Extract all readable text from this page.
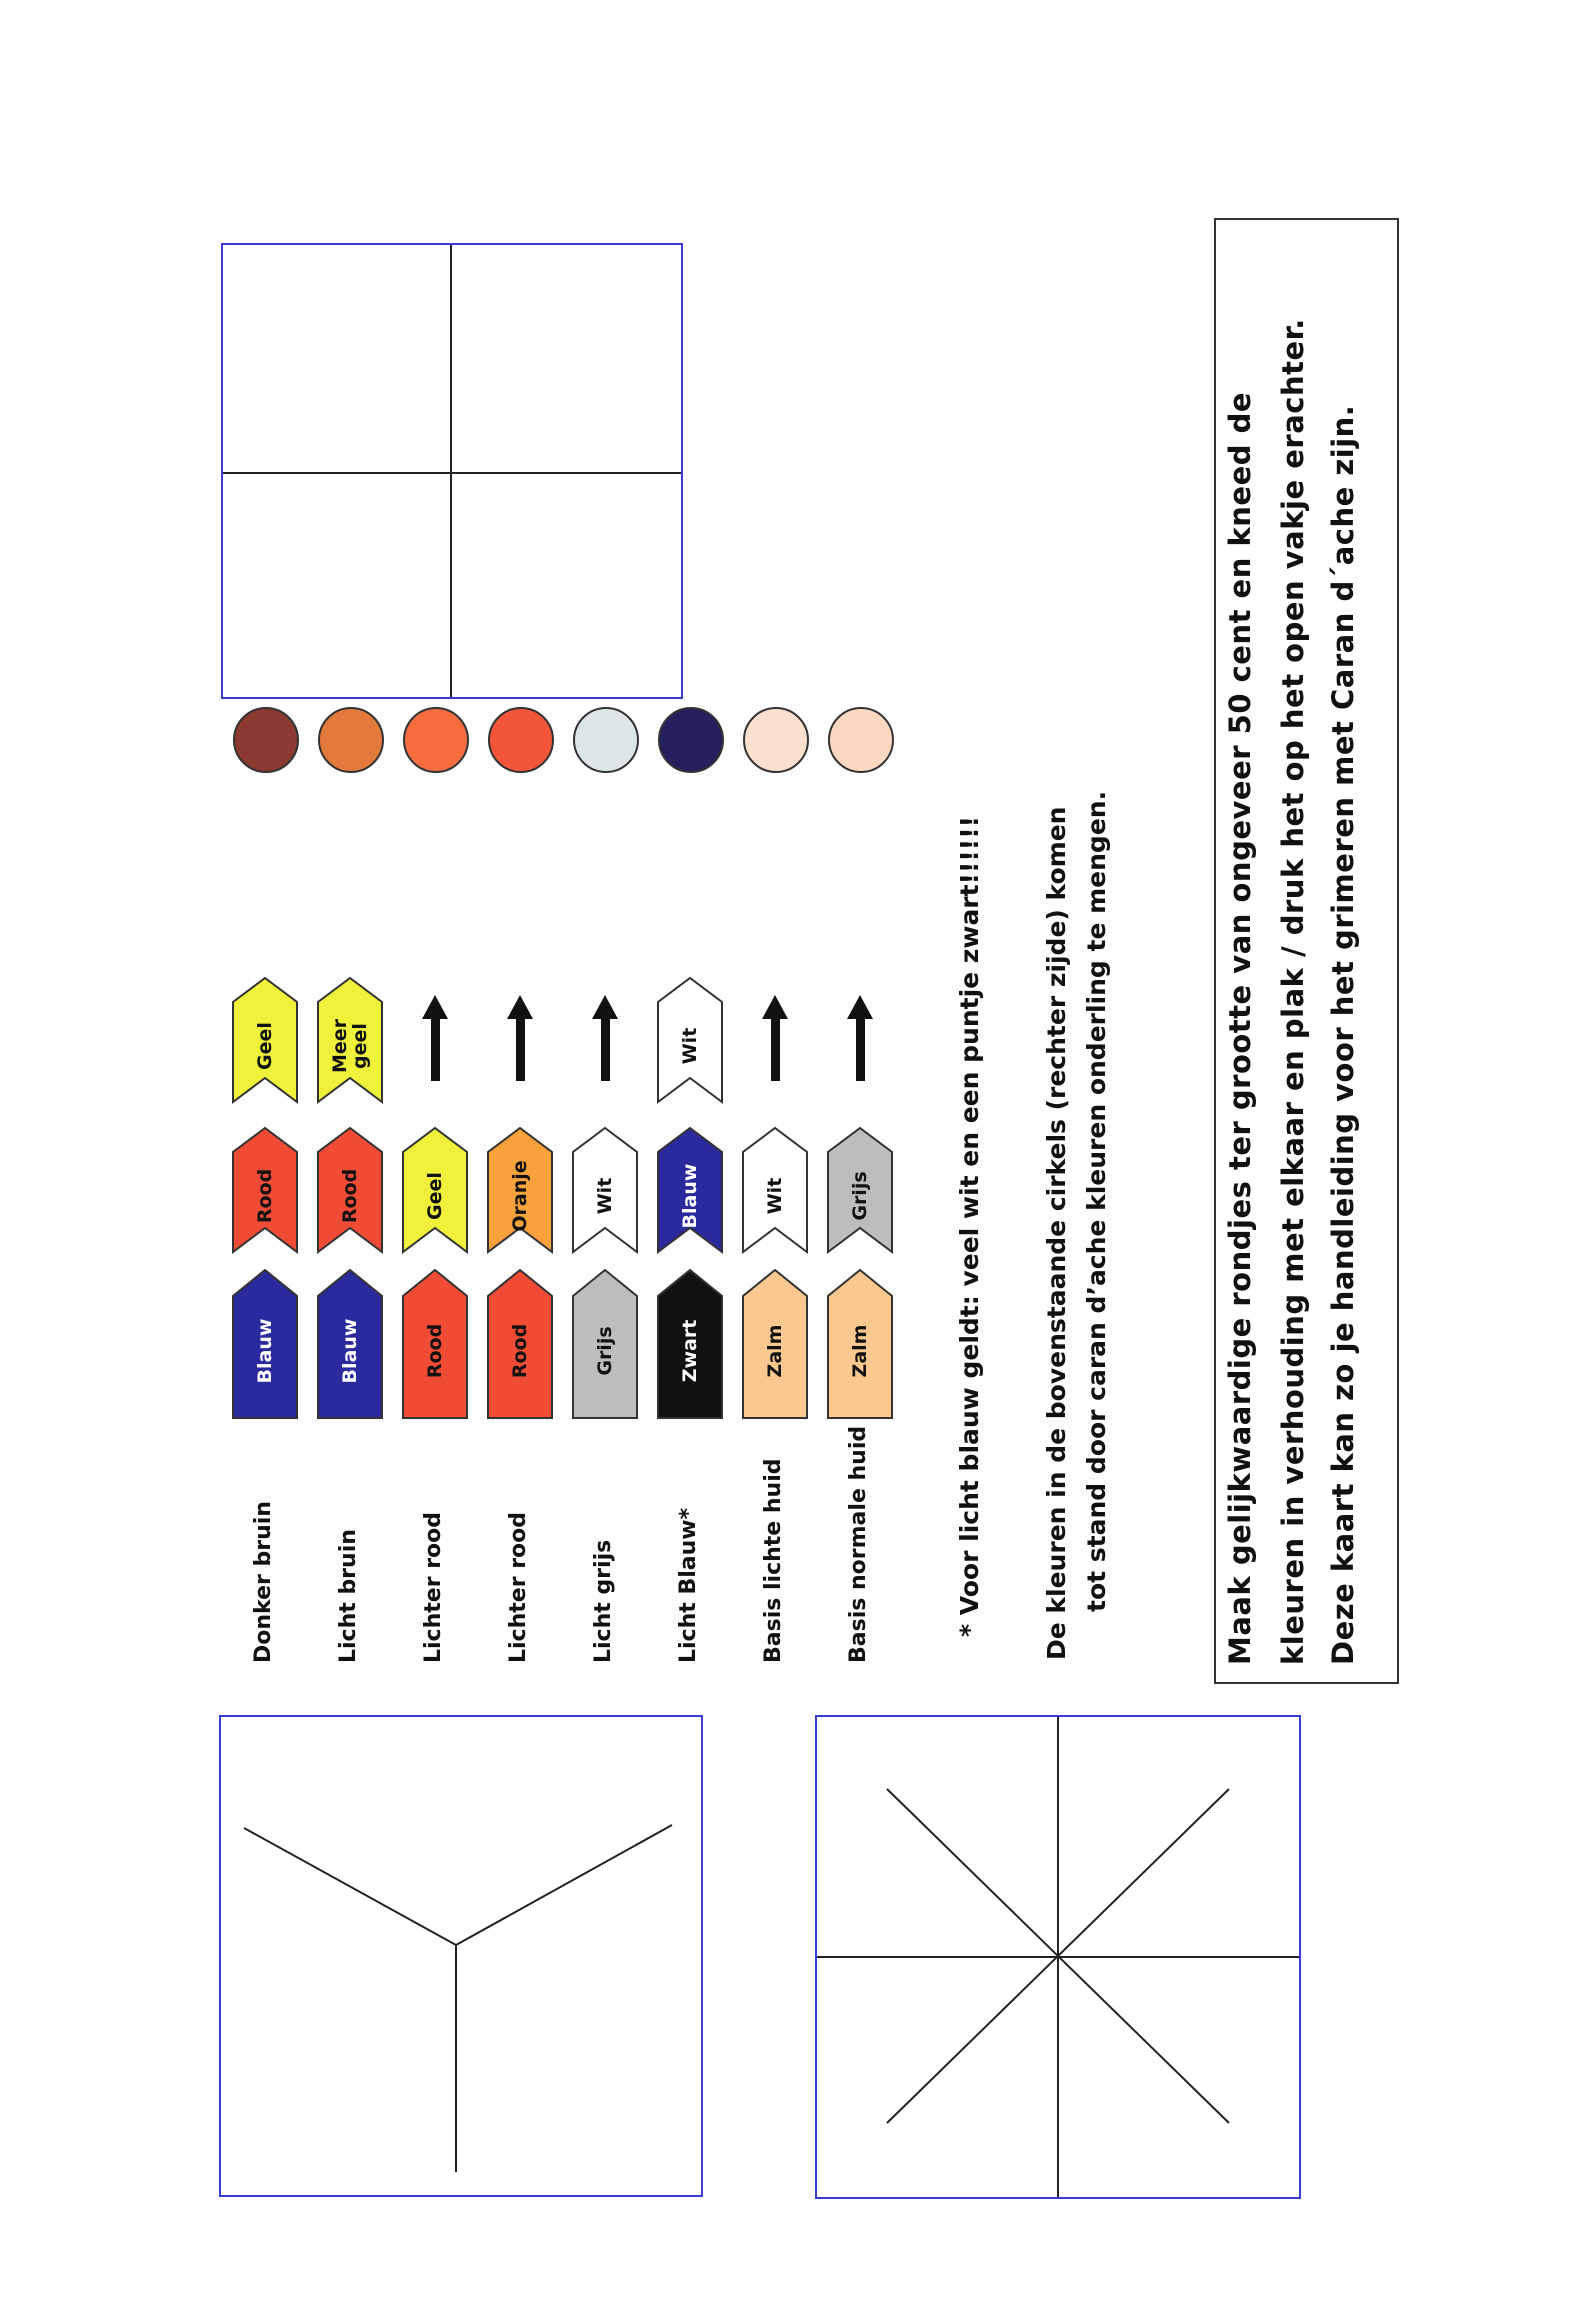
Donker bruin
Blauw
Rood
Geel
Licht bruin
Blauw
Rood
Meer geel
Lichter rood
Rood
Geel
Lichter rood
Rood
Oranje
Licht grijs
Grijs
Wit
Licht Blauw*
Zwart
Blauw
Wit
Basis lichte huid
Zalm
Wit
Basis normale huid
Zalm
Grijs	* Voor licht blauw geldt: veel wit en een puntje zwart!!!!!! De kleuren in de bovenstaande cirkels (rechter zijde) komen tot stand door caran d’ache kleuren onderling te mengen.	Maak gelijkwaardige rondjes ter grootte van ongeveer 50 cent en kneed de kleuren in verhouding met elkaar en plak / druk het op het open vakje erachter. Deze kaart kan zo je handleiding voor het grimeren met Caran d´ache zijn.
